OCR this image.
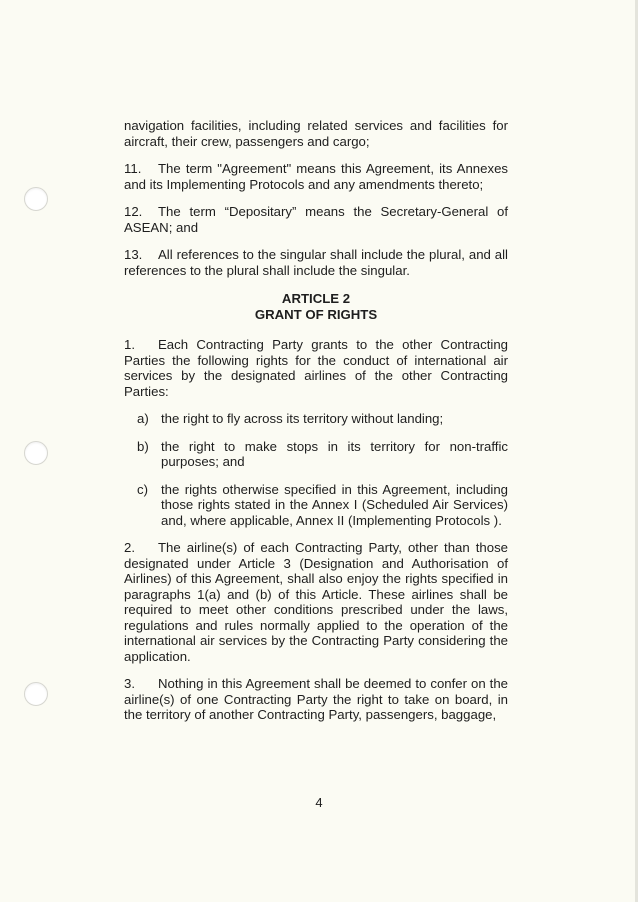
navigation facilities, including related services and facilities for aircraft, their crew, passengers and cargo;

11. The term "Agreement" means this Agreement, its Annexes and its Implementing Protocols and any amendments thereto;

12. The term “Depositary” means the Secretary-General of ASEAN; and

13. All references to the singular shall include the plural, and all references to the plural shall include the singular.

ARTICLE 2
GRANT OF RIGHTS

1. Each Contracting Party grants to the other Contracting Parties the following rights for the conduct of international air services by the designated airlines of the other Contracting Parties:

a) the right to fly across its territory without landing;
b) the right to make stops in its territory for non-traffic purposes; and
c) the rights otherwise specified in this Agreement, including those rights stated in the Annex I (Scheduled Air Services) and, where applicable, Annex II (Implementing Protocols ).

2. The airline(s) of each Contracting Party, other than those designated under Article 3 (Designation and Authorisation of Airlines) of this Agreement, shall also enjoy the rights specified in paragraphs 1(a) and (b) of this Article. These airlines shall be required to meet other conditions prescribed under the laws, regulations and rules normally applied to the operation of the international air services by the Contracting Party considering the application.

3. Nothing in this Agreement shall be deemed to confer on the airline(s) of one Contracting Party the right to take on board, in the territory of another Contracting Party, passengers, baggage,

4
